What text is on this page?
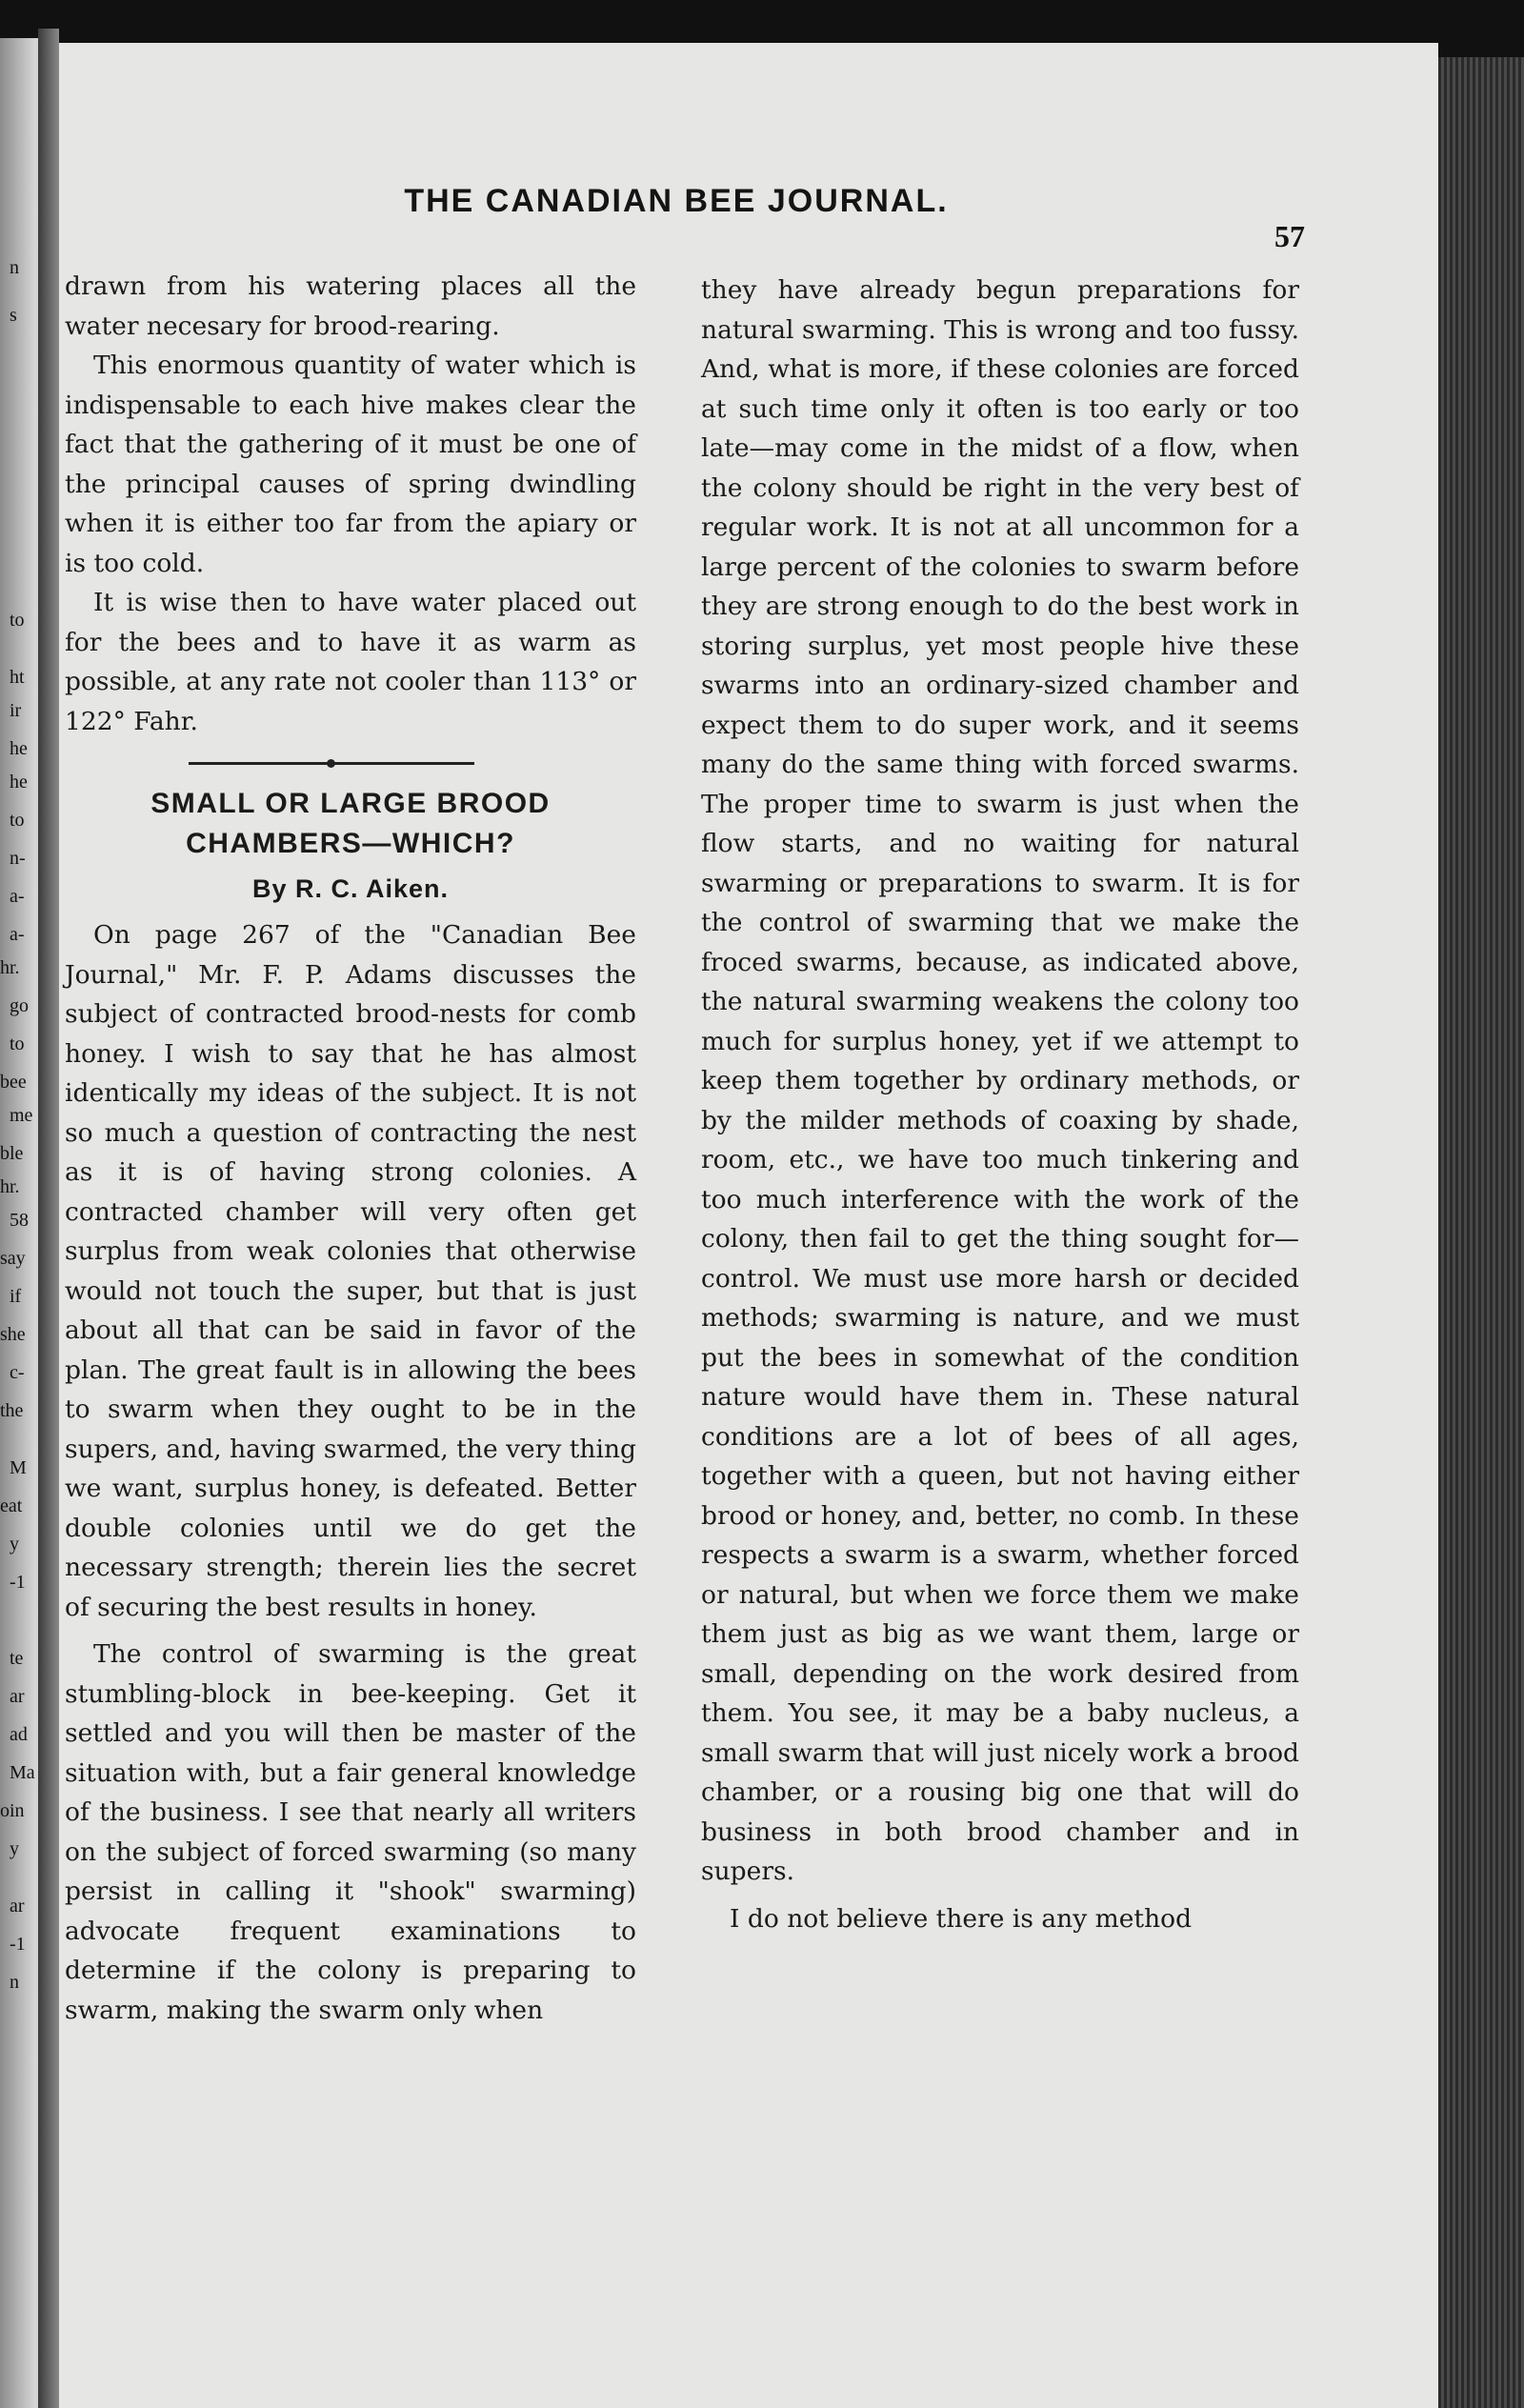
n
s
to
ht
ir
he
he
to
n-
a-
a-
hr.
go
to
bee
me
ble
hr.
58
say
if
she
c-
the
M
eat
y
-1
te
ar
ad
Ma
oin
y
ar
-1
n
THE CANADIAN BEE JOURNAL.
57

drawn from his watering places all the water necesary for brood-rearing.

This enormous quantity of water which is indispensable to each hive makes clear the fact that the gathering of it must be one of the principal causes of spring dwindling when it is either too far from the apiary or is too cold.

It is wise then to have water placed out for the bees and to have it as warm as possible, at any rate not cooler than 113° or 122° Fahr.

SMALL OR LARGE BROOD CHAMBERS—WHICH?
By R. C. Aiken.

On page 267 of the "Canadian Bee Journal," Mr. F. P. Adams discusses the subject of contracted brood-nests for comb honey. I wish to say that he has almost identically my ideas of the subject. It is not so much a question of contracting the nest as it is of having strong colonies. A contracted chamber will very often get surplus from weak colonies that otherwise would not touch the super, but that is just about all that can be said in favor of the plan. The great fault is in allowing the bees to swarm when they ought to be in the supers, and, having swarmed, the very thing we want, surplus honey, is defeated. Better double colonies until we do get the necessary strength; therein lies the secret of securing the best results in honey.

The control of swarming is the great stumbling-block in bee-keeping. Get it settled and you will then be master of the situation with, but a fair general knowledge of the business. I see that nearly all writers on the subject of forced swarming (so many persist in calling it "shook" swarming) advocate frequent examinations to determine if the colony is preparing to swarm, making the swarm only when

they have already begun preparations for natural swarming. This is wrong and too fussy. And, what is more, if these colonies are forced at such time only it often is too early or too late—may come in the midst of a flow, when the colony should be right in the very best of regular work. It is not at all uncommon for a large percent of the colonies to swarm before they are strong enough to do the best work in storing surplus, yet most people hive these swarms into an ordinary-sized chamber and expect them to do super work, and it seems many do the same thing with forced swarms. The proper time to swarm is just when the flow starts, and no waiting for natural swarming or preparations to swarm. It is for the control of swarming that we make the froced swarms, because, as indicated above, the natural swarming weakens the colony too much for surplus honey, yet if we attempt to keep them together by ordinary methods, or by the milder methods of coaxing by shade, room, etc., we have too much tinkering and too much interference with the work of the colony, then fail to get the thing sought for—control. We must use more harsh or decided methods; swarming is nature, and we must put the bees in somewhat of the condition nature would have them in. These natural conditions are a lot of bees of all ages, together with a queen, but not having either brood or honey, and, better, no comb. In these respects a swarm is a swarm, whether forced or natural, but when we force them we make them just as big as we want them, large or small, depending on the work desired from them. You see, it may be a baby nucleus, a small swarm that will just nicely work a brood chamber, or a rousing big one that will do business in both brood chamber and in supers.

I do not believe there is any method
